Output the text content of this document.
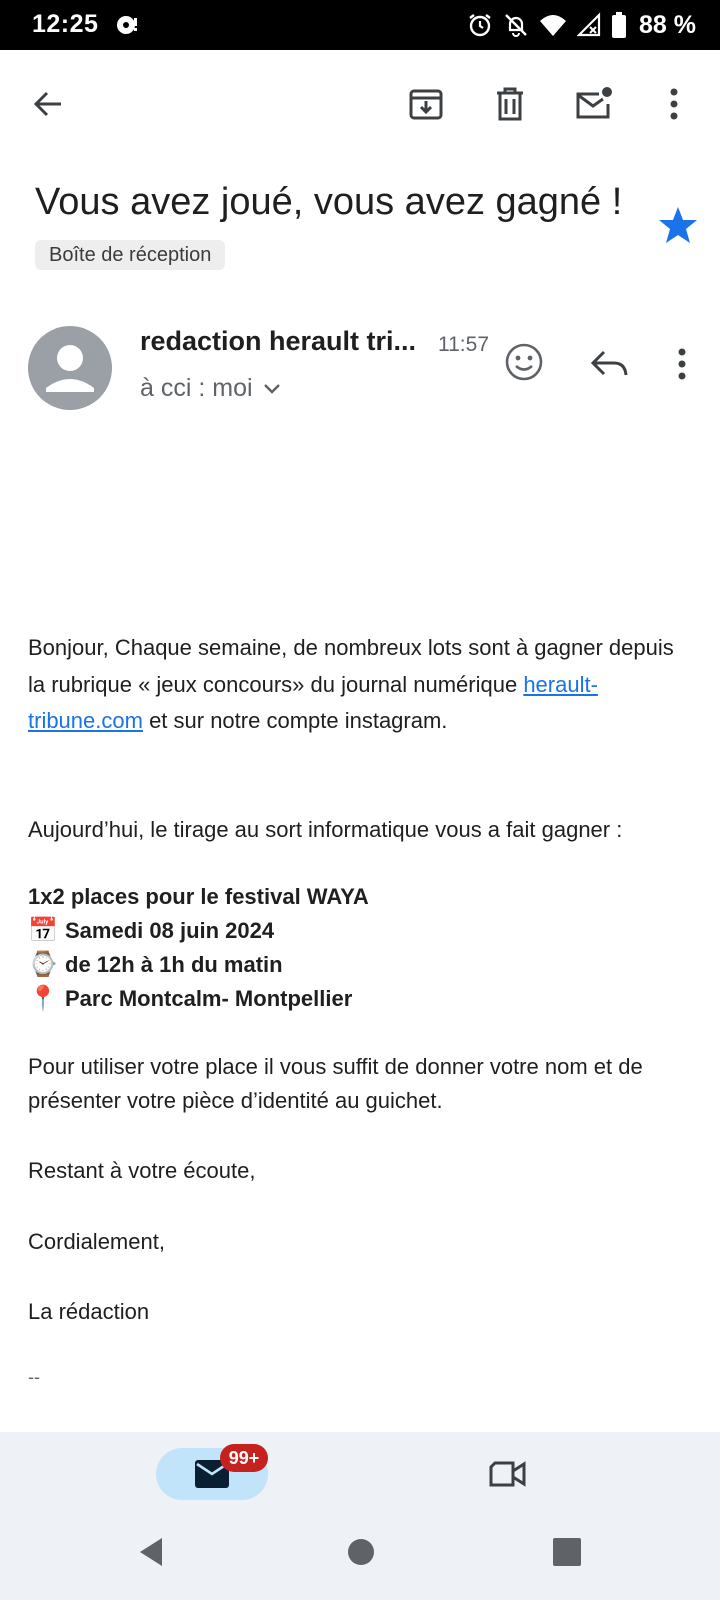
12:25	88 %
Vous avez joué, vous avez gagné !
Boîte de réception
redaction herault tri... 11:57
à cci : moi
Bonjour, Chaque semaine, de nombreux lots sont à gagner depuis la rubrique « jeux concours» du journal numérique herault-tribune.com et sur notre compte instagram.
Aujourd’hui, le tirage au sort informatique vous a fait gagner :
1x2 places pour le festival WAYA
📅 Samedi 08 juin 2024
⌚ de 12h à 1h du matin
📍 Parc Montcalm- Montpellier
Pour utiliser votre place il vous suffit de donner votre nom et de présenter votre pièce d’identité au guichet.
Restant à votre écoute,
Cordialement,
La rédaction
--
99+
